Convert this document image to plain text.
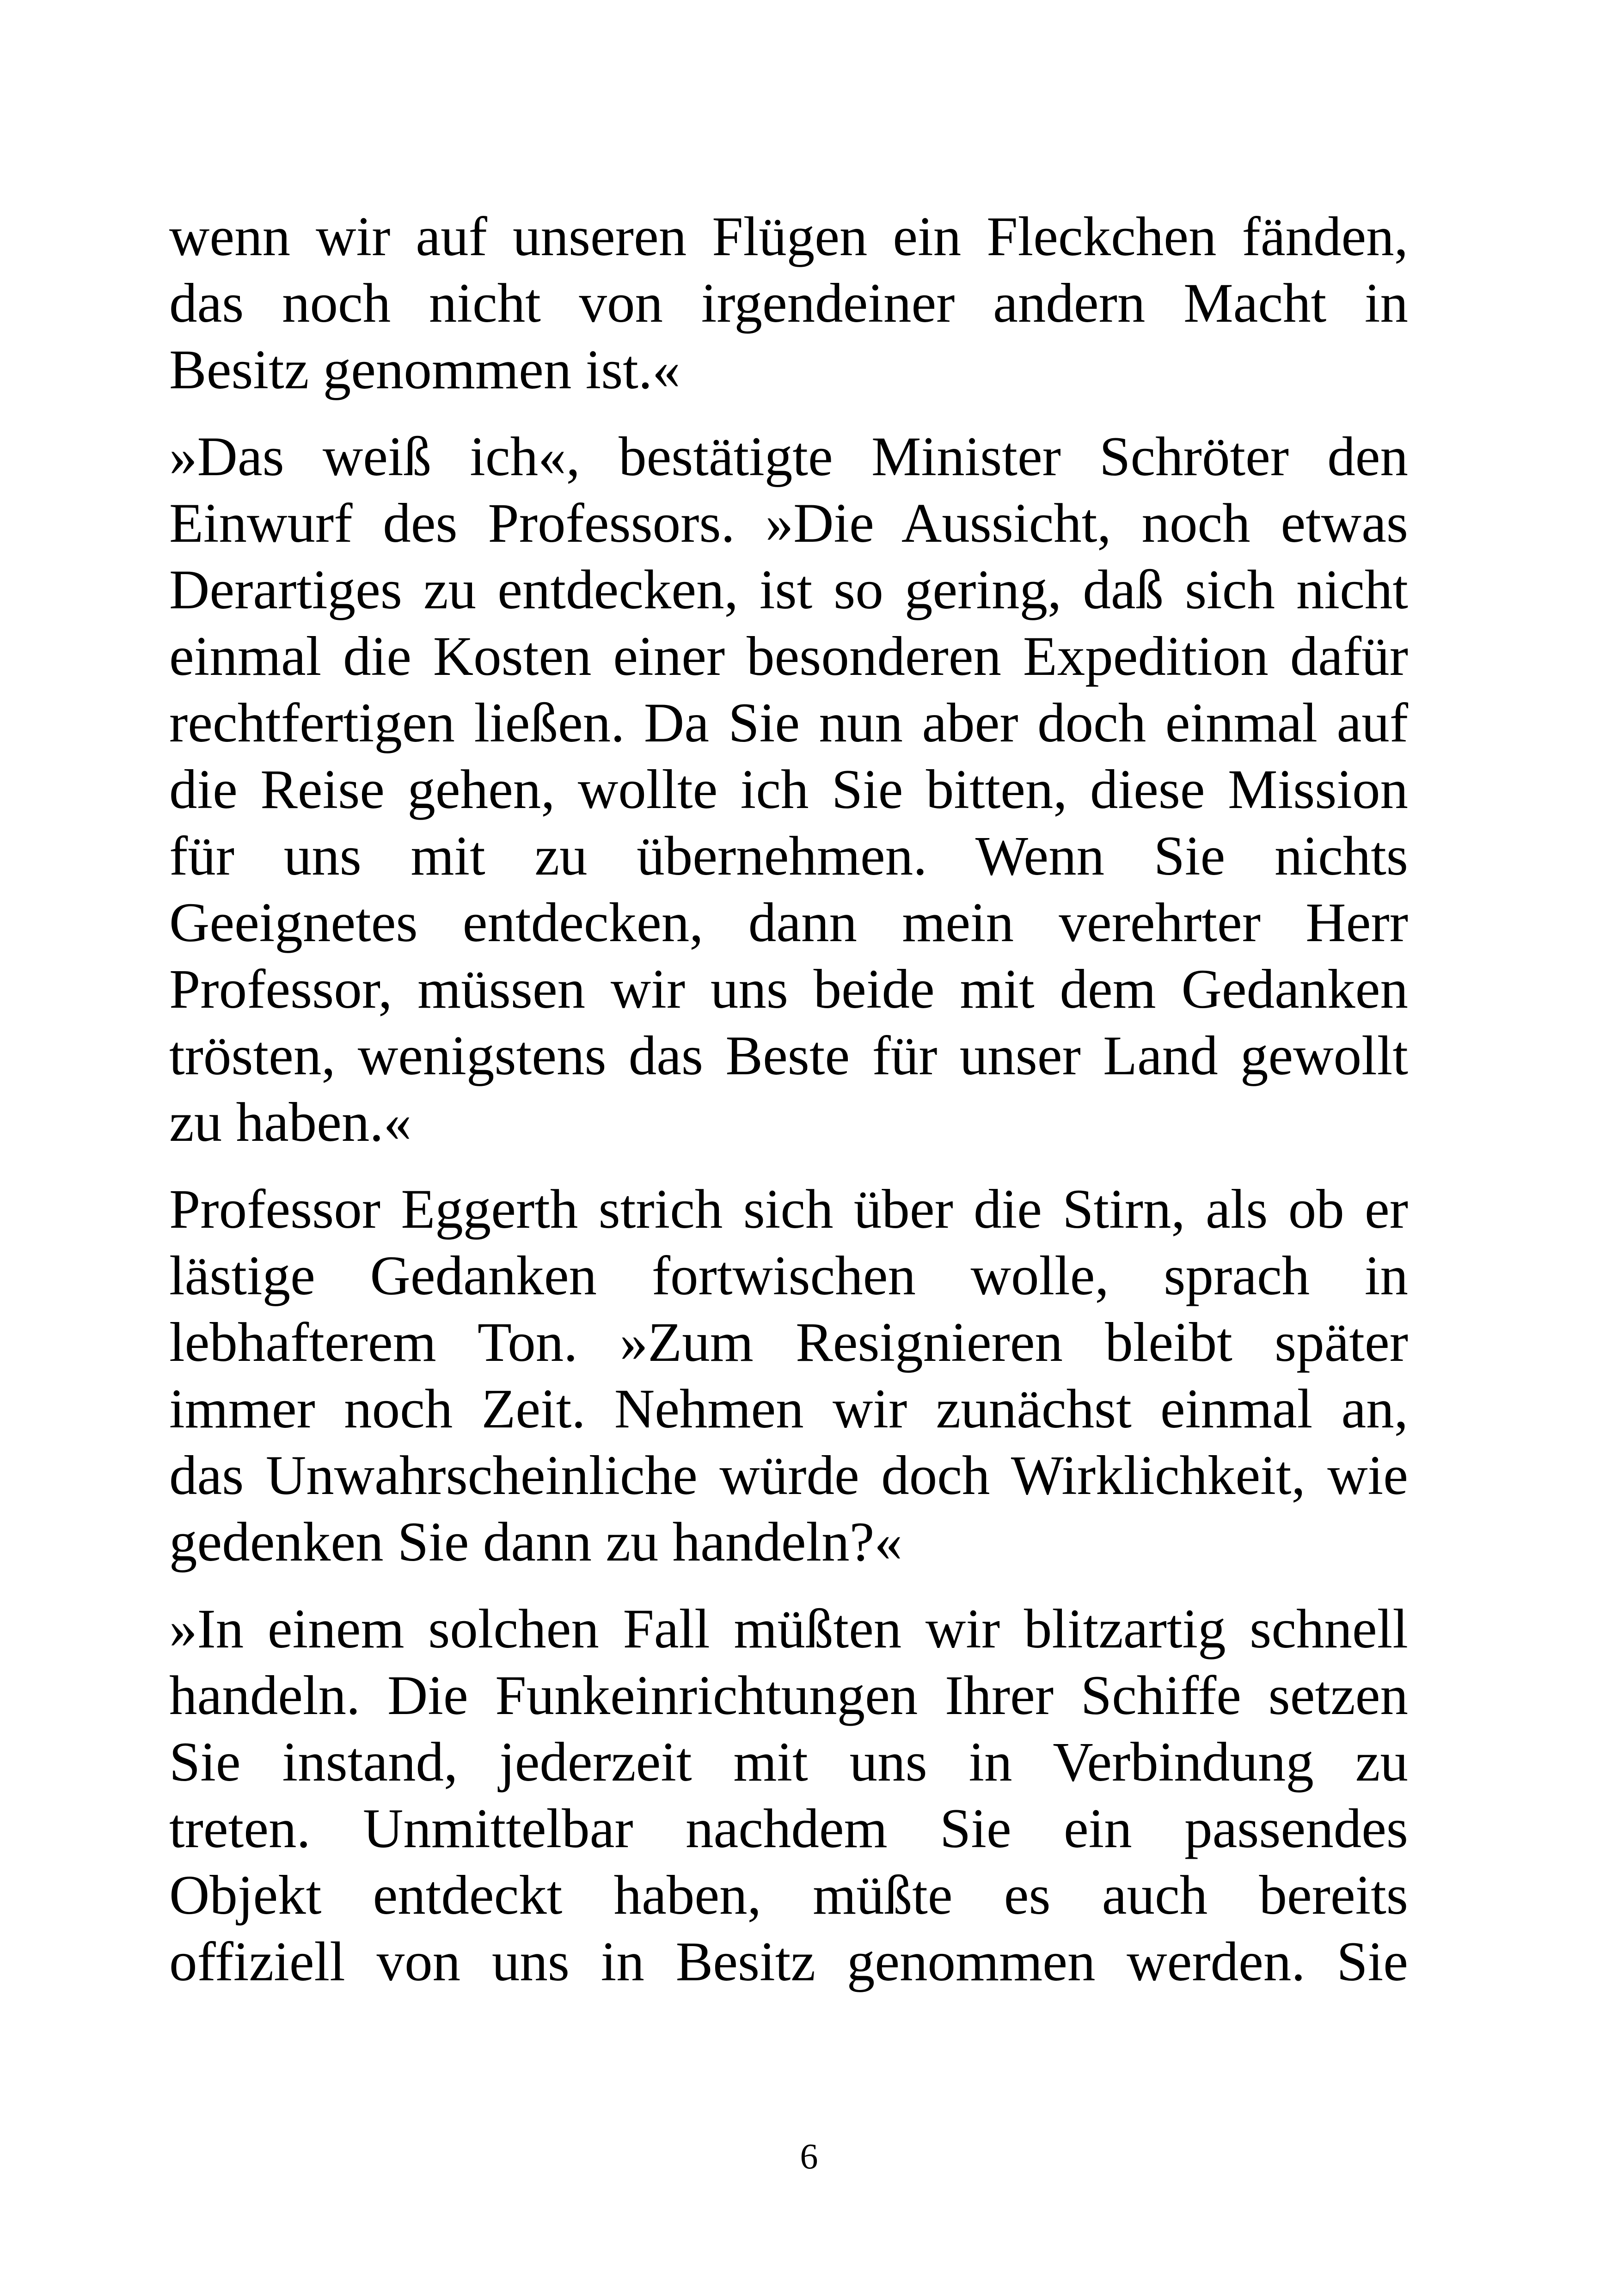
wenn wir auf unseren Flügen ein Fleckchen fänden,
das noch nicht von irgendeiner andern Macht in
Besitz genommen ist.«

»Das weiß ich«, bestätigte Minister Schröter den
Einwurf des Professors. »Die Aussicht, noch etwas
Derartiges zu entdecken, ist so gering, daß sich nicht
einmal die Kosten einer besonderen Expedition dafür
rechtfertigen ließen. Da Sie nun aber doch einmal auf
die Reise gehen, wollte ich Sie bitten, diese Mission
für uns mit zu übernehmen. Wenn Sie nichts
Geeignetes entdecken, dann mein verehrter Herr
Professor, müssen wir uns beide mit dem Gedanken
trösten, wenigstens das Beste für unser Land gewollt
zu haben.«

Professor Eggerth strich sich über die Stirn, als ob er
lästige Gedanken fortwischen wolle, sprach in
lebhafterem Ton. »Zum Resignieren bleibt später
immer noch Zeit. Nehmen wir zunächst einmal an,
das Unwahrscheinliche würde doch Wirklichkeit, wie
gedenken Sie dann zu handeln?«

»In einem solchen Fall müßten wir blitzartig schnell
handeln. Die Funkeinrichtungen Ihrer Schiffe setzen
Sie instand, jederzeit mit uns in Verbindung zu
treten. Unmittelbar nachdem Sie ein passendes
Objekt entdeckt haben, müßte es auch bereits
offiziell von uns in Besitz genommen werden. Sie

6
